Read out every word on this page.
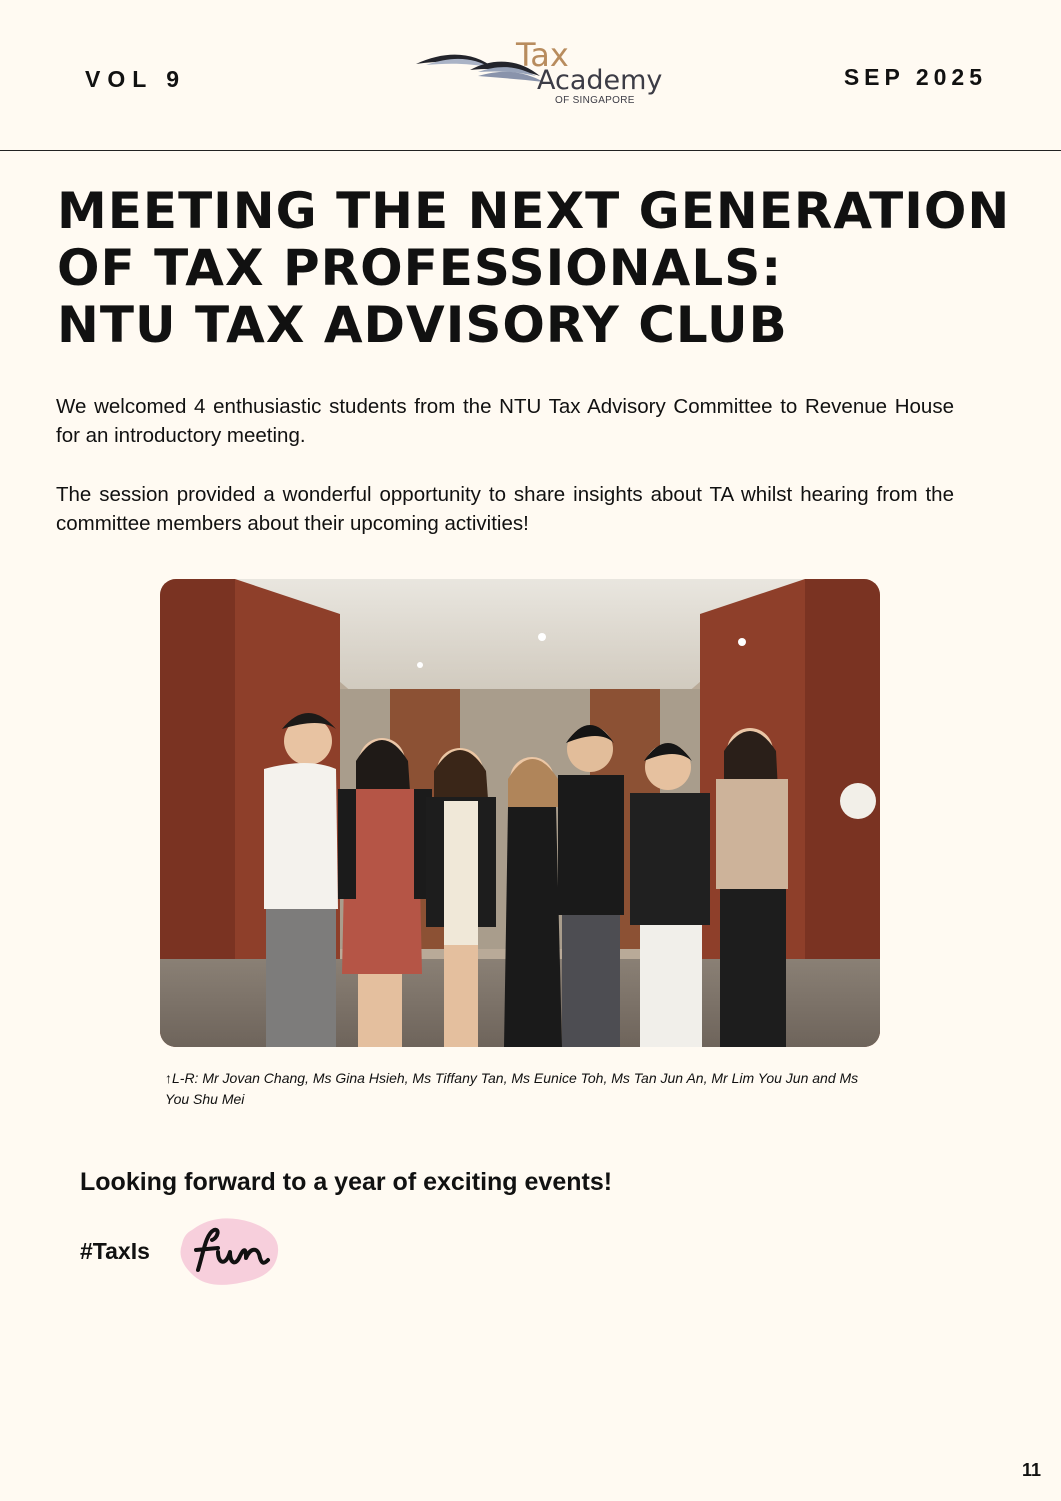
VOL 9
Tax
Academy
OF SINGAPORE
SEP 2025
MEETING THE NEXT GENERATION
OF TAX PROFESSIONALS:
NTU TAX ADVISORY CLUB

We welcomed 4 enthusiastic students from the NTU Tax Advisory Committee to Revenue House for an introductory meeting.

The session provided a wonderful opportunity to share insights about TA whilst hearing from the committee members about their upcoming activities!

↑L-R: Mr Jovan Chang, Ms Gina Hsieh, Ms Tiffany Tan, Ms Eunice Toh, Ms Tan Jun An, Mr Lim You Jun and Ms You Shu Mei

Looking forward to a year of exciting events!
#TaxIs
11
